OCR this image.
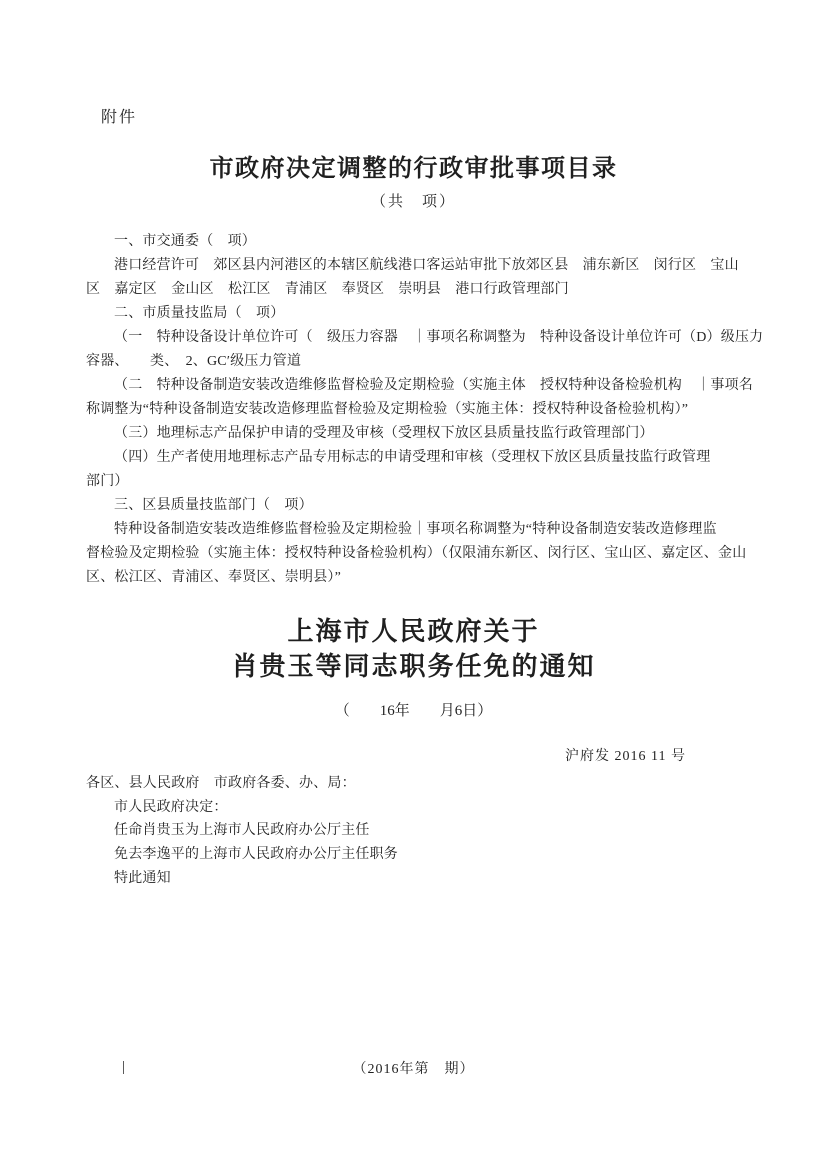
附件
市政府决定调整的行政审批事项目录
（共　项）
一、市交通委（　项）
港口经营许可　郊区县内河港区的本辖区航线港口客运站审批下放郊区县　浦东新区　闵行区　宝山
区　嘉定区　金山区　松江区　青浦区　奉贤区　崇明县　港口行政管理部门
二、市质量技监局（　项）
（一　特种设备设计单位许可（　级压力容器　｜事项名称调整为　特种设备设计单位许可（D）级压力
容器、　　类、　2、GC′级压力管道
（二　特种设备制造安装改造维修监督检验及定期检验（实施主体　授权特种设备检验机构　｜事项名
称调整为“特种设备制造安装改造修理监督检验及定期检验（实施主体：授权特种设备检验机构）”
（三）地理标志产品保护申请的受理及审核（受理权下放区县质量技监行政管理部门）
（四）生产者使用地理标志产品专用标志的申请受理和审核（受理权下放区县质量技监行政管理
部门）
三、区县质量技监部门（　项）
特种设备制造安装改造维修监督检验及定期检验｜事项名称调整为“特种设备制造安装改造修理监
督检验及定期检验（实施主体：授权特种设备检验机构）（仅限浦东新区、闵行区、宝山区、嘉定区、金山
区、松江区、青浦区、奉贤区、崇明县）”
上海市人民政府关于
肖贵玉等同志职务任免的通知
（　　16年　　月6日）
沪府发 2016 11 号
各区、县人民政府　市政府各委、办、局：
市人民政府决定：
任命肖贵玉为上海市人民政府办公厅主任
免去李逸平的上海市人民政府办公厅主任职务
特此通知
|	（2016年第　期）
